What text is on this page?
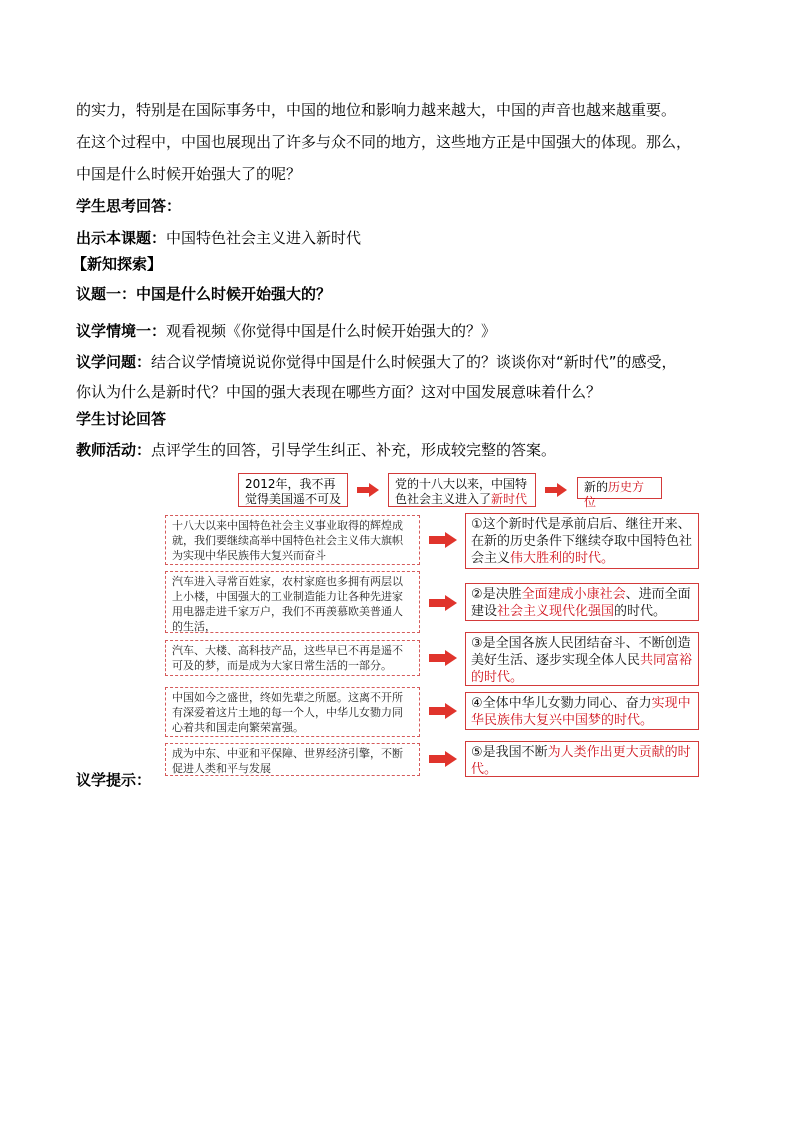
的实力，特别是在国际事务中，中国的地位和影响力越来越大，中国的声音也越来越重要。
在这个过程中，中国也展现出了许多与众不同的地方，这些地方正是中国强大的体现。那么，
中国是什么时候开始强大了的呢？
学生思考回答：
出示本课题：中国特色社会主义进入新时代
【新知探索】
议题一：中国是什么时候开始强大的？
议学情境一：观看视频《你觉得中国是什么时候开始强大的？》
议学问题：结合议学情境说说你觉得中国是什么时候强大了的？谈谈你对“新时代”的感受，
你认为什么是新时代？中国的强大表现在哪些方面？这对中国发展意味着什么？
学生讨论回答
教师活动：点评学生的回答，引导学生纠正、补充，形成较完整的答案。
2012年，我不再觉得美国遥不可及
党的十八大以来，中国特色社会主义进入了新时代
新的历史方位
十八大以来中国特色社会主义事业取得的辉煌成就，我们要继续高举中国特色社会主义伟大旗帜为实现中华民族伟大复兴而奋斗
①这个新时代是承前启后、继往开来、在新的历史条件下继续夺取中国特色社会主义伟大胜利的时代。
汽车进入寻常百姓家，农村家庭也多拥有两层以上小楼，中国强大的工业制造能力让各种先进家用电器走进千家万户，我们不再羡慕欧美普通人的生活，
②是决胜全面建成小康社会、进而全面建设社会主义现代化强国的时代。
汽车、大楼、高科技产品，这些早已不再是遥不可及的梦，而是成为大家日常生活的一部分。
③是全国各族人民团结奋斗、不断创造美好生活、逐步实现全体人民共同富裕的时代。
中国如今之盛世，终如先辈之所愿。这离不开所有深爱着这片土地的每一个人，中华儿女勠力同心着共和国走向繁荣富强。
④全体中华儿女勠力同心、奋力实现中华民族伟大复兴中国梦的时代。
成为中东、中亚和平保障、世界经济引擎，不断促进人类和平与发展
⑤是我国不断为人类作出更大贡献的时代。
议学提示：
